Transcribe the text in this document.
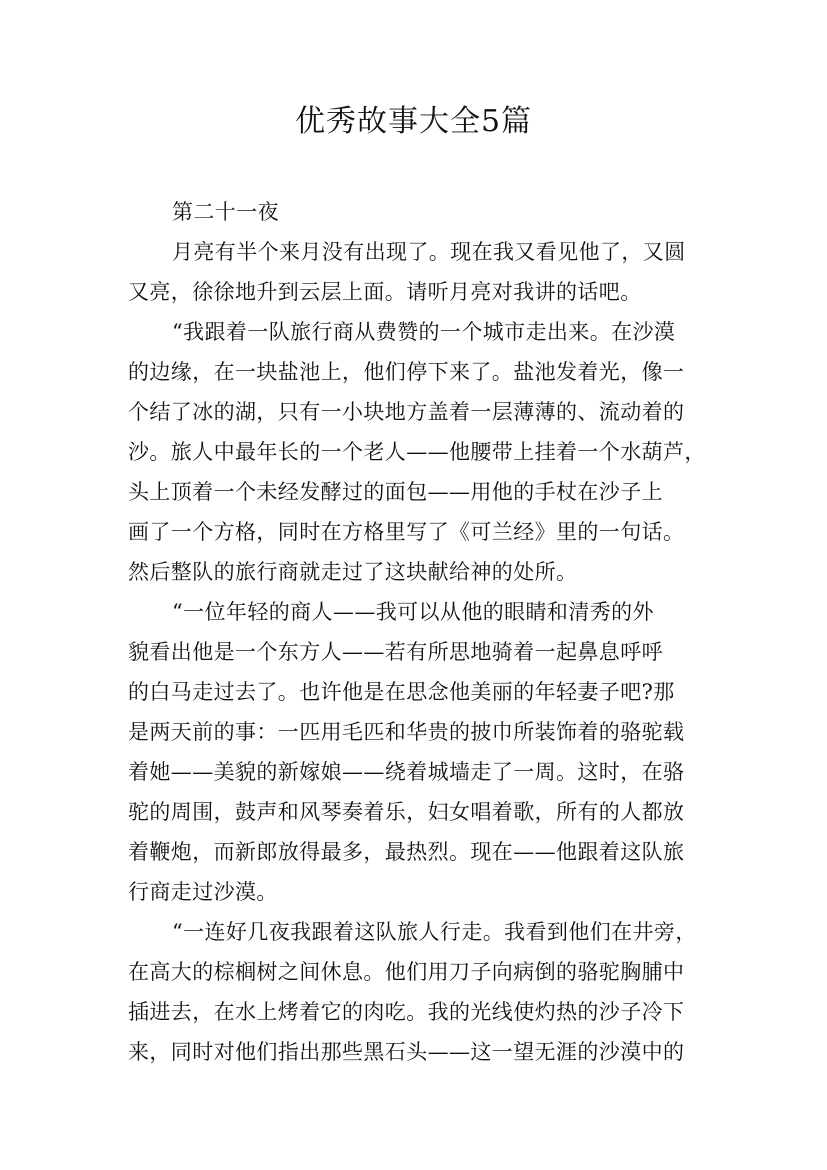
优秀故事大全5篇
第二十一夜
月亮有半个来月没有出现了。现在我又看见他了，又圆
又亮，徐徐地升到云层上面。请听月亮对我讲的话吧。
“我跟着一队旅行商从费赞的一个城市走出来。在沙漠
的边缘，在一块盐池上，他们停下来了。盐池发着光，像一
个结了冰的湖，只有一小块地方盖着一层薄薄的、流动着的
沙。旅人中最年长的一个老人——他腰带上挂着一个水葫芦，
头上顶着一个未经发酵过的面包——用他的手杖在沙子上
画了一个方格，同时在方格里写了《可兰经》里的一句话。
然后整队的旅行商就走过了这块献给神的处所。
“一位年轻的商人——我可以从他的眼睛和清秀的外
貌看出他是一个东方人——若有所思地骑着一起鼻息呼呼
的白马走过去了。也许他是在思念他美丽的年轻妻子吧?那
是两天前的事：一匹用毛匹和华贵的披巾所装饰着的骆驼载
着她——美貌的新嫁娘——绕着城墙走了一周。这时，在骆
驼的周围，鼓声和风琴奏着乐，妇女唱着歌，所有的人都放
着鞭炮，而新郎放得最多，最热烈。现在——他跟着这队旅
行商走过沙漠。
“一连好几夜我跟着这队旅人行走。我看到他们在井旁，
在高大的棕榈树之间休息。他们用刀子向病倒的骆驼胸脯中
插进去，在水上烤着它的肉吃。我的光线使灼热的沙子冷下
来，同时对他们指出那些黑石头——这一望无涯的沙漠中的
